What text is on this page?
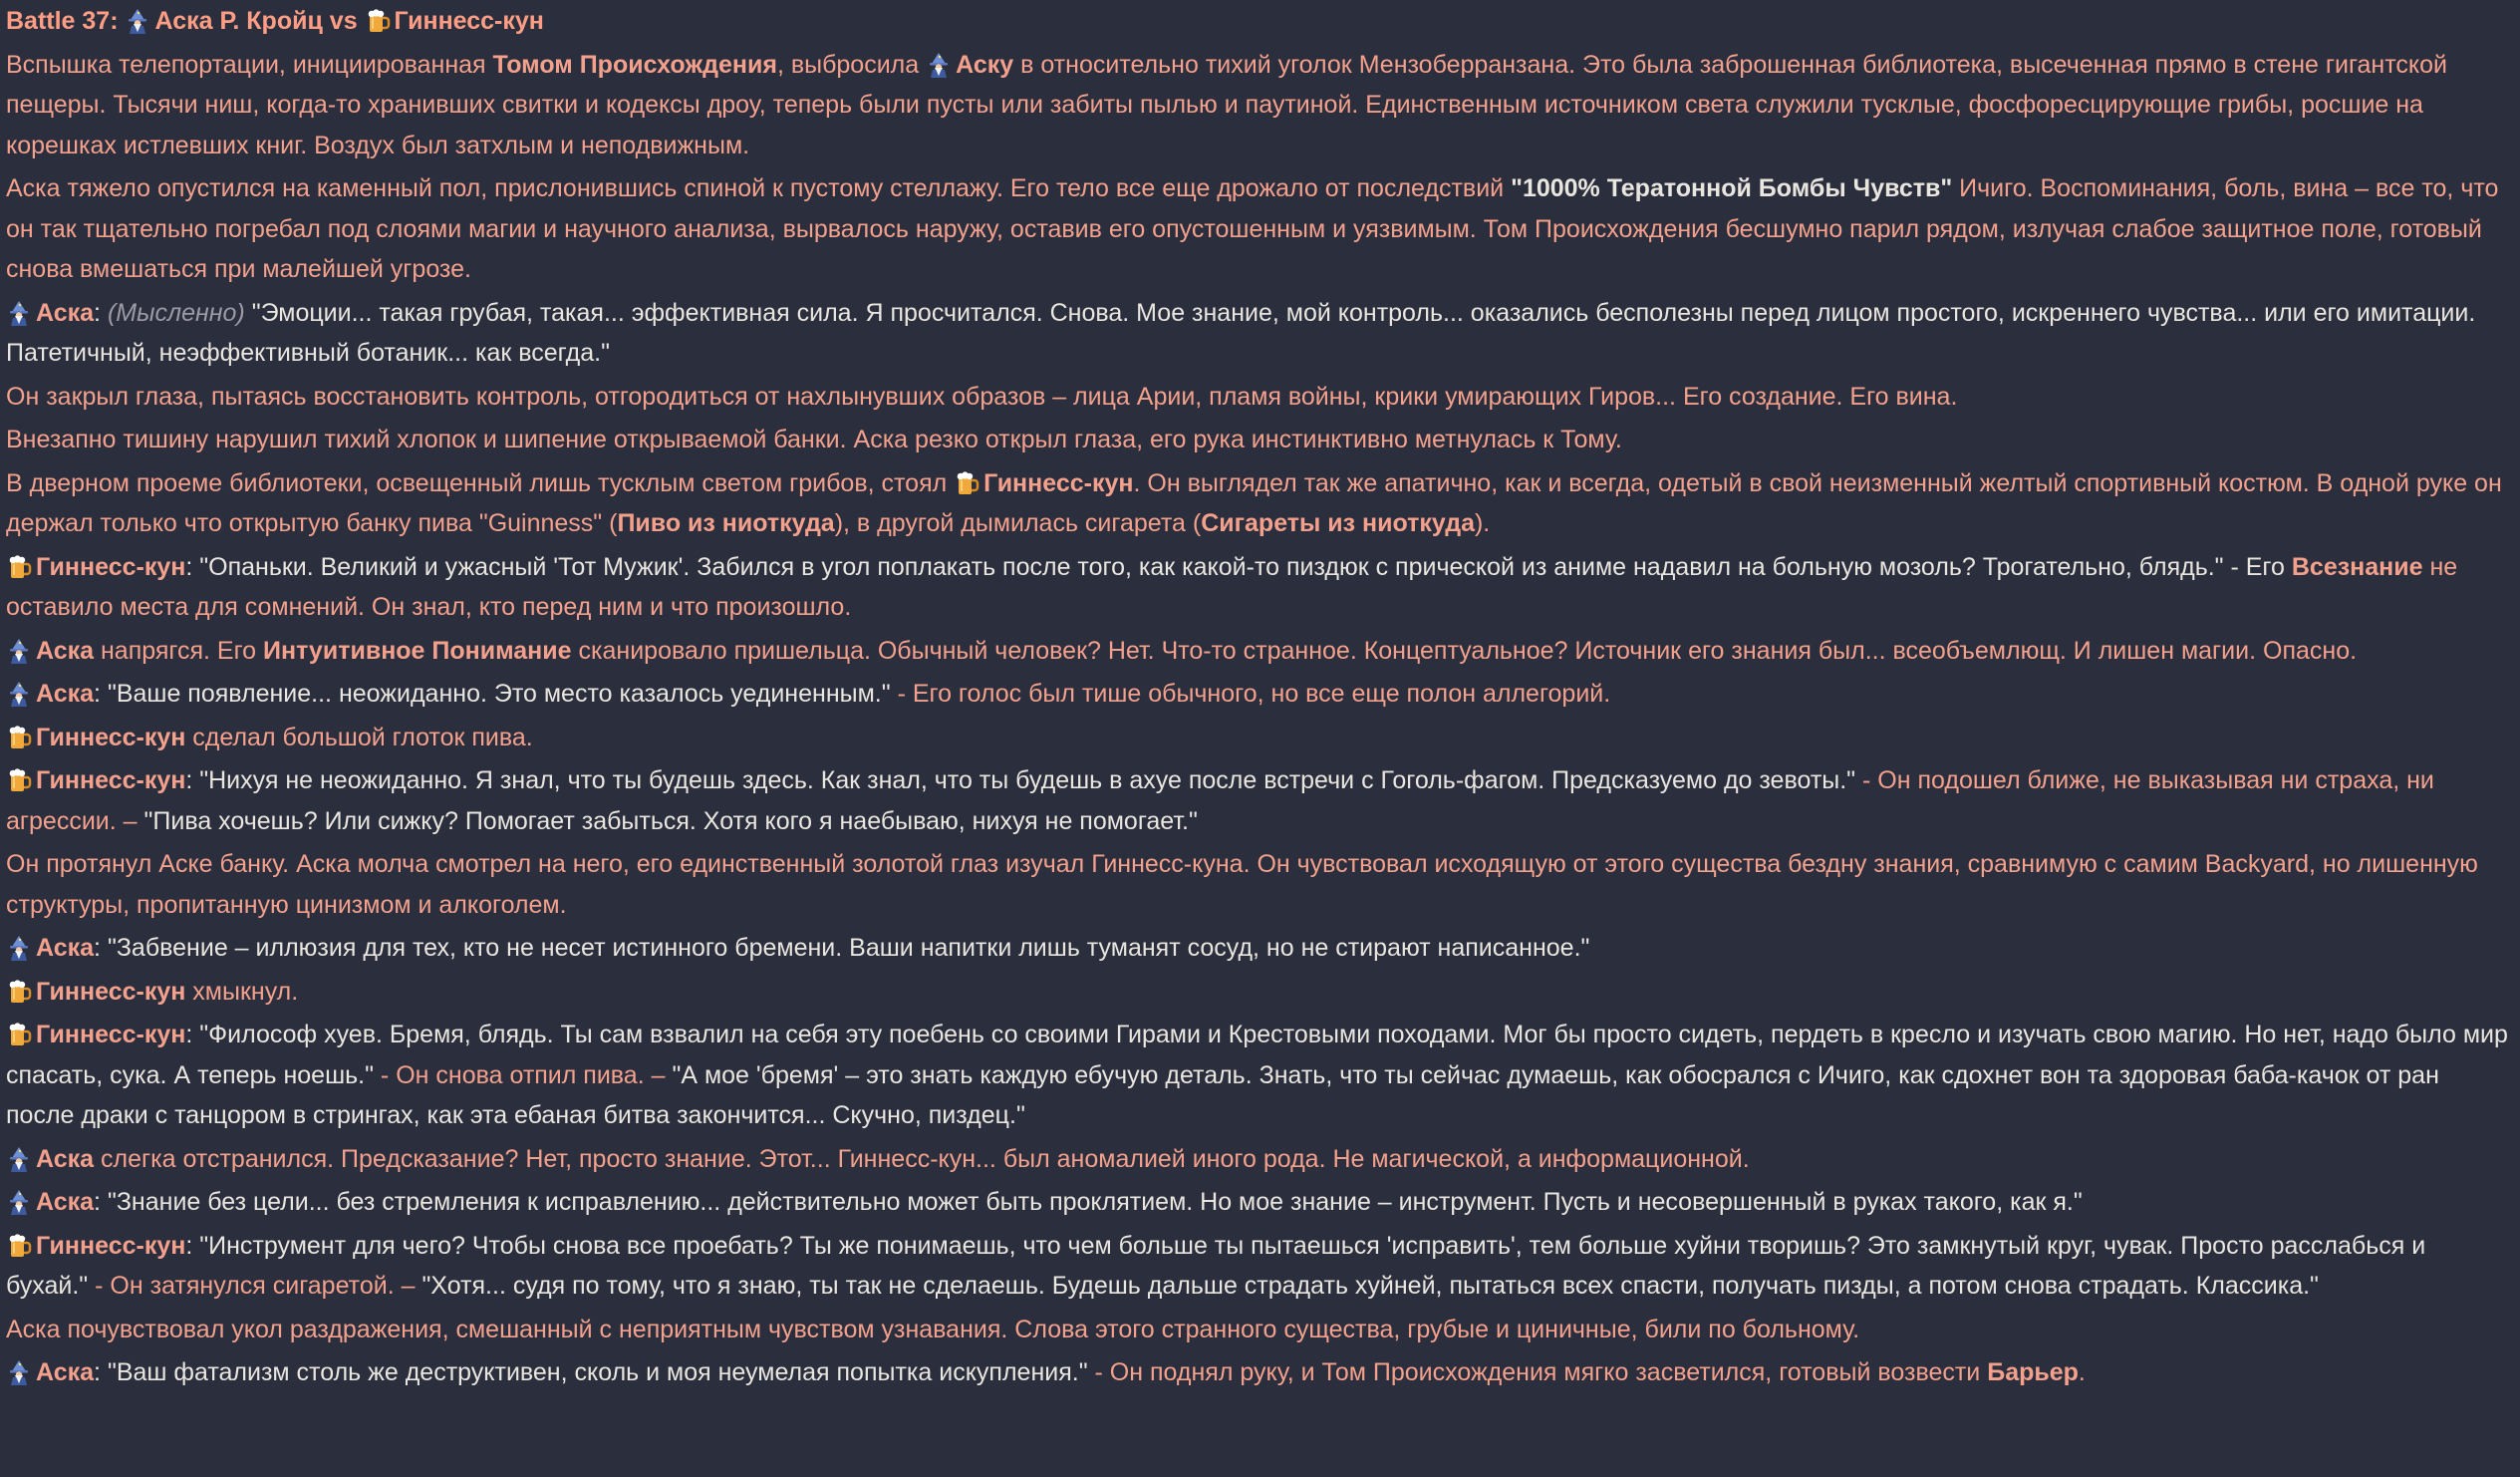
Battle 37: Аска Р. Кройц vs Гиннесс-кун
Вспышка телепортации, инициированная Томом Происхождения, выбросила Аску в относительно тихий уголок Мензоберранзана. Это была заброшенная библиотека, высеченная прямо в стене гигантской пещеры. Тысячи ниш, когда-то хранивших свитки и кодексы дроу, теперь были пусты или забиты пылью и паутиной. Единственным источником света служили тусклые, фосфоресцирующие грибы, росшие на корешках истлевших книг. Воздух был затхлым и неподвижным.
Аска тяжело опустился на каменный пол, прислонившись спиной к пустому стеллажу. Его тело все еще дрожало от последствий "1000% Тератонной Бомбы Чувств" Ичиго. Воспоминания, боль, вина – все то, что он так тщательно погребал под слоями магии и научного анализа, вырвалось наружу, оставив его опустошенным и уязвимым. Том Происхождения бесшумно парил рядом, излучая слабое защитное поле, готовый снова вмешаться при малейшей угрозе.
Аска: (Мысленно) "Эмоции... такая грубая, такая... эффективная сила. Я просчитался. Снова. Мое знание, мой контроль... оказались бесполезны перед лицом простого, искреннего чувства... или его имитации. Патетичный, неэффективный ботаник... как всегда."
Он закрыл глаза, пытаясь восстановить контроль, отгородиться от нахлынувших образов – лица Арии, пламя войны, крики умирающих Гиров... Его создание. Его вина.
Внезапно тишину нарушил тихий хлопок и шипение открываемой банки. Аска резко открыл глаза, его рука инстинктивно метнулась к Тому.
В дверном проеме библиотеки, освещенный лишь тусклым светом грибов, стоял Гиннесс-кун. Он выглядел так же апатично, как и всегда, одетый в свой неизменный желтый спортивный костюм. В одной руке он держал только что открытую банку пива "Guinness" (Пиво из ниоткуда), в другой дымилась сигарета (Сигареты из ниоткуда).
Гиннесс-кун: "Опаньки. Великий и ужасный 'Тот Мужик'. Забился в угол поплакать после того, как какой-то пиздюк с прической из аниме надавил на больную мозоль? Трогательно, блядь." - Его Всезнание не оставило места для сомнений. Он знал, кто перед ним и что произошло.
Аска напрягся. Его Интуитивное Понимание сканировало пришельца. Обычный человек? Нет. Что-то странное. Концептуальное? Источник его знания был... всеобъемлющ. И лишен магии. Опасно.
Аска: "Ваше появление... неожиданно. Это место казалось уединенным." - Его голос был тише обычного, но все еще полон аллегорий.
Гиннесс-кун сделал большой глоток пива.
Гиннесс-кун: "Нихуя не неожиданно. Я знал, что ты будешь здесь. Как знал, что ты будешь в ахуе после встречи с Гоголь-фагом. Предсказуемо до зевоты." - Он подошел ближе, не выказывая ни страха, ни агрессии. – "Пива хочешь? Или сижку? Помогает забыться. Хотя кого я наебываю, нихуя не помогает."
Он протянул Аске банку. Аска молча смотрел на него, его единственный золотой глаз изучал Гиннесс-куна. Он чувствовал исходящую от этого существа бездну знания, сравнимую с самим Backyard, но лишенную структуры, пропитанную цинизмом и алкоголем.
Аска: "Забвение – иллюзия для тех, кто не несет истинного бремени. Ваши напитки лишь туманят сосуд, но не стирают написанное."
Гиннесс-кун хмыкнул.
Гиннесс-кун: "Философ хуев. Бремя, блядь. Ты сам взвалил на себя эту поебень со своими Гирами и Крестовыми походами. Мог бы просто сидеть, пердеть в кресло и изучать свою магию. Но нет, надо было мир спасать, сука. А теперь ноешь." - Он снова отпил пива. – "А мое 'бремя' – это знать каждую ебучую деталь. Знать, что ты сейчас думаешь, как обосрался с Ичиго, как сдохнет вон та здоровая баба-качок от ран после драки с танцором в стрингах, как эта ебаная битва закончится... Скучно, пиздец."
Аска слегка отстранился. Предсказание? Нет, просто знание. Этот... Гиннесс-кун... был аномалией иного рода. Не магической, а информационной.
Аска: "Знание без цели... без стремления к исправлению... действительно может быть проклятием. Но мое знание – инструмент. Пусть и несовершенный в руках такого, как я."
Гиннесс-кун: "Инструмент для чего? Чтобы снова все проебать? Ты же понимаешь, что чем больше ты пытаешься 'исправить', тем больше хуйни творишь? Это замкнутый круг, чувак. Просто расслабься и бухай." - Он затянулся сигаретой. – "Хотя... судя по тому, что я знаю, ты так не сделаешь. Будешь дальше страдать хуйней, пытаться всех спасти, получать пизды, а потом снова страдать. Классика."
Аска почувствовал укол раздражения, смешанный с неприятным чувством узнавания. Слова этого странного существа, грубые и циничные, били по больному.
Аска: "Ваш фатализм столь же деструктивен, сколь и моя неумелая попытка искупления." - Он поднял руку, и Том Происхождения мягко засветился, готовый возвести Барьер.
